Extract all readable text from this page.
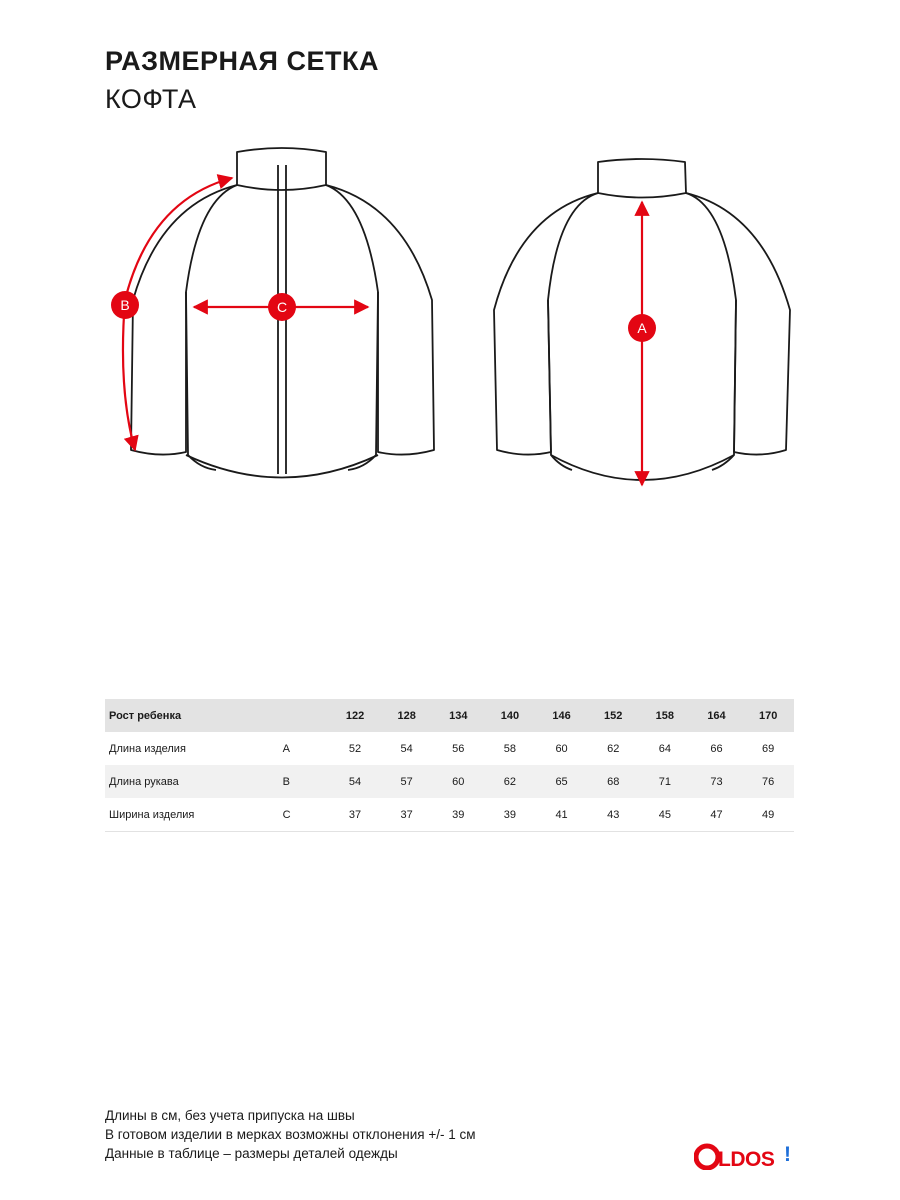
РАЗМЕРНАЯ СЕТКА
КОФТА
C
B
A
Рост ребенка		122	128	134	140	146	152	158	164	170
Длина изделия	A	52	54	56	58	60	62	64	66	69
Длина рукава	B	54	57	60	62	65	68	71	73	76
Ширина изделия	C	37	37	39	39	41	43	45	47	49

Длины в см, без учета припуска на швы

В готовом изделии в мерках возможны отклонения +/- 1 см

Данные в таблице – размеры деталей одежды	LDOS !
